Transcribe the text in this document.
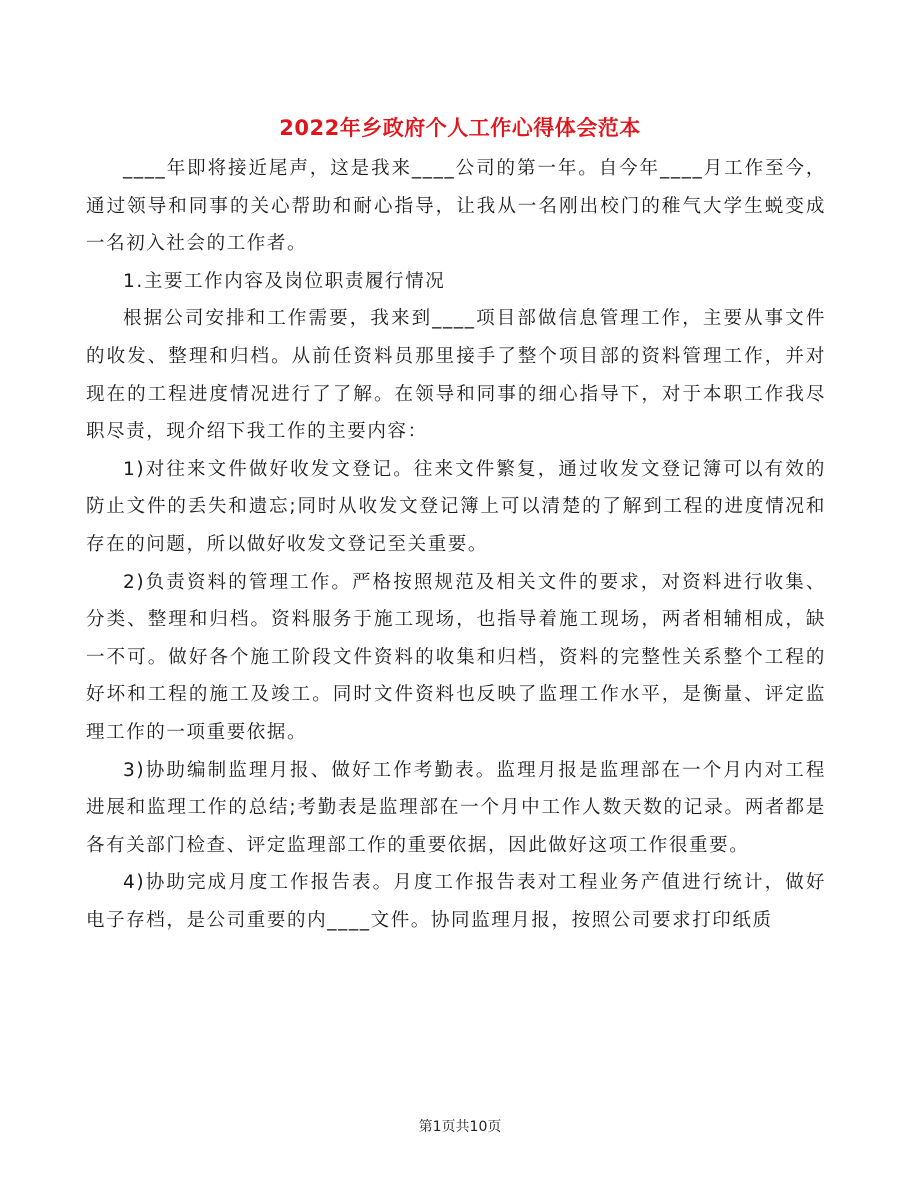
2022年乡政府个人工作心得体会范本

____年即将接近尾声，这是我来____公司的第一年。自今年____月工作至今，通过领导和同事的关心帮助和耐心指导，让我从一名刚出校门的稚气大学生蜕变成一名初入社会的工作者。

1.主要工作内容及岗位职责履行情况

根据公司安排和工作需要，我来到____项目部做信息管理工作，主要从事文件的收发、整理和归档。从前任资料员那里接手了整个项目部的资料管理工作，并对现在的工程进度情况进行了了解。在领导和同事的细心指导下，对于本职工作我尽职尽责，现介绍下我工作的主要内容：

1)对往来文件做好收发文登记。往来文件繁复，通过收发文登记簿可以有效的防止文件的丢失和遗忘;同时从收发文登记簿上可以清楚的了解到工程的进度情况和存在的问题，所以做好收发文登记至关重要。

2)负责资料的管理工作。严格按照规范及相关文件的要求，对资料进行收集、分类、整理和归档。资料服务于施工现场，也指导着施工现场，两者相辅相成，缺一不可。做好各个施工阶段文件资料的收集和归档，资料的完整性关系整个工程的好坏和工程的施工及竣工。同时文件资料也反映了监理工作水平，是衡量、评定监理工作的一项重要依据。

3)协助编制监理月报、做好工作考勤表。监理月报是监理部在一个月内对工程进展和监理工作的总结;考勤表是监理部在一个月中工作人数天数的记录。两者都是各有关部门检查、评定监理部工作的重要依据，因此做好这项工作很重要。

4)协助完成月度工作报告表。月度工作报告表对工程业务产值进行统计，做好电子存档，是公司重要的内____文件。协同监理月报，按照公司要求打印纸质

第1页共10页
